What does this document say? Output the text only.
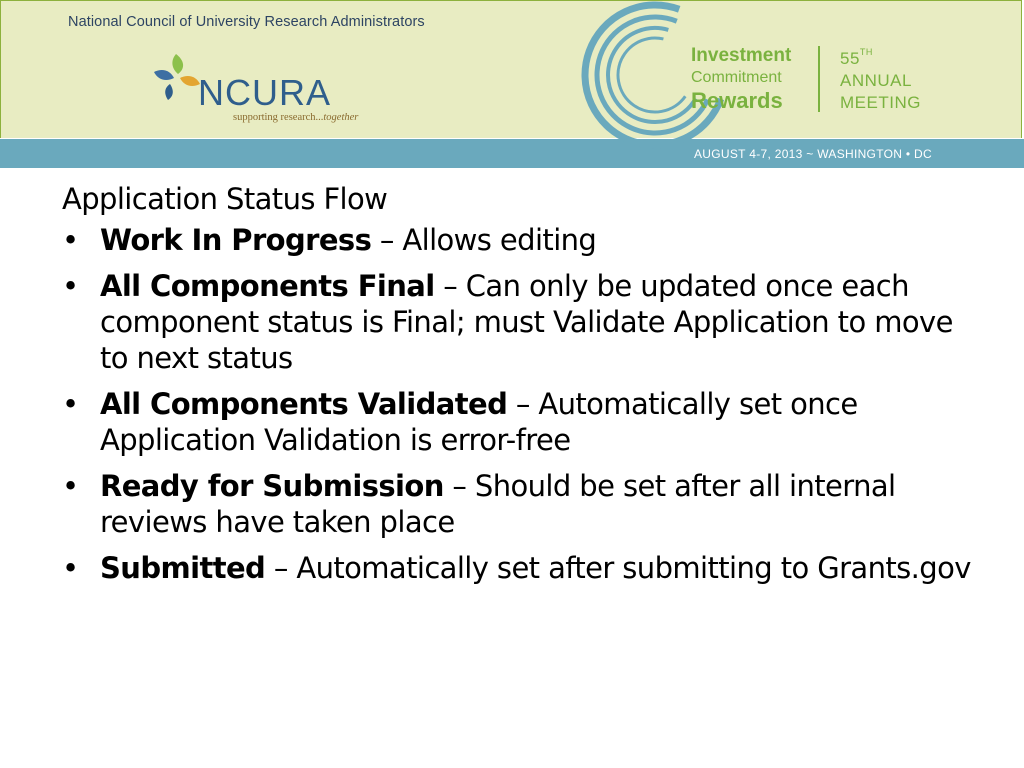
National Council of University Research Administrators
NCURA
supporting research...together
Investment
Commitment
Rewards
55TH
ANNUAL
MEETING
AUGUST 4-7, 2013 ~ WASHINGTON • DC
Application Status Flow
• Work In Progress – Allows editing
• All Components Final – Can only be updated once each component status is Final; must Validate Application to move to next status
• All Components Validated – Automatically set once Application Validation is error-free
• Ready for Submission – Should be set after all internal reviews have taken place
• Submitted – Automatically set after submitting to Grants.gov
